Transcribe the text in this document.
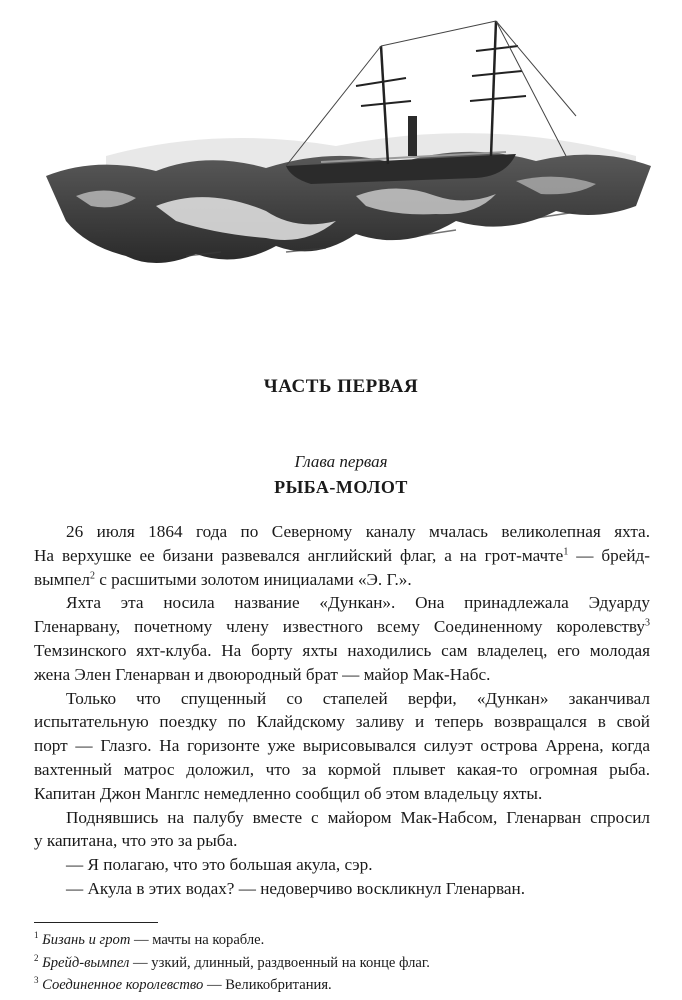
ЧАСТЬ ПЕРВАЯ
Глава первая
РЫБА-МОЛОТ
26 июля 1864 года по Северному каналу мчалась великолепная яхта.
На верхушке ее бизани развевался английский флаг, а на грот-мачте$^1$ — брейд-
вымпел$^2$ с расшитыми золотом инициалами «Э. Г.».
Яхта эта носила название «Дункан». Она принадлежала Эдуарду
Гленарвану, почетному члену известного всему Соединенному королевству$^3$
Темзинского яхт-клуба. На борту яхты находились сам владелец, его молодая
жена Элен Гленарван и двоюродный брат — майор Мак-Набс.
Только что спущенный со стапелей верфи, «Дункан» заканчивал
испытательную поездку по Клайдскому заливу и теперь возвращался в свой
порт — Глазго. На горизонте уже вырисовывался силуэт острова Аррена, когда
вахтенный матрос доложил, что за кормой плывет какая-то огромная рыба.
Капитан Джон Манглс немедленно сообщил об этом владельцу яхты.
Поднявшись на палубу вместе с майором Мак-Набсом, Гленарван спросил
у капитана, что это за рыба.
— Я полагаю, что это большая акула, сэр.
— Акула в этих водах? — недоверчиво воскликнул Гленарван.
$^1$ Бизань и грот — мачты на корабле.
$^2$ Брейд-вымпел — узкий, длинный, раздвоенный на конце флаг.
$^3$ Соединенное королевство — Великобритания.
